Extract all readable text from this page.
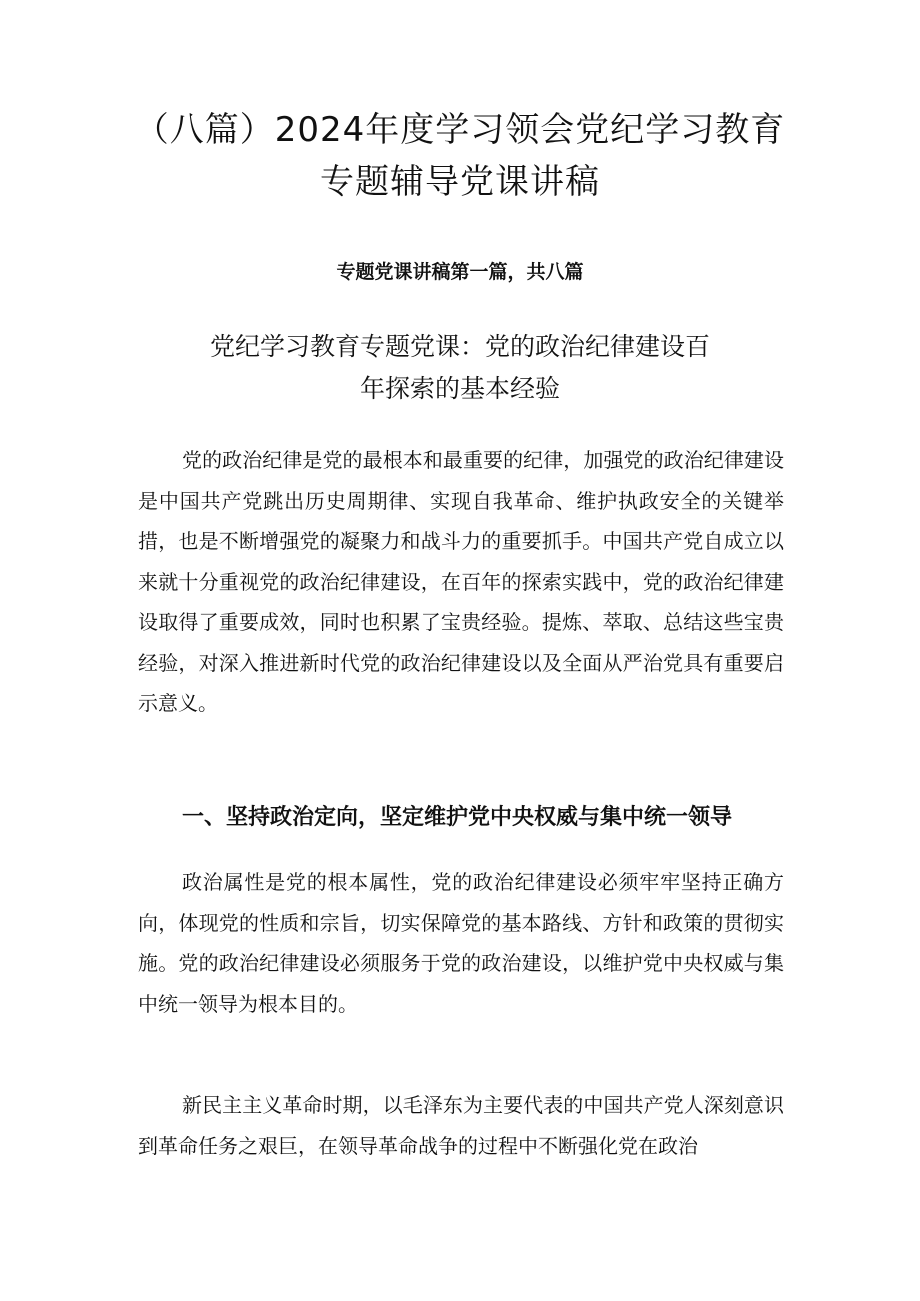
（八篇）2024年度学习领会党纪学习教育
专题辅导党课讲稿

专题党课讲稿第一篇，共八篇

党纪学习教育专题党课：党的政治纪律建设百
年探索的基本经验

党的政治纪律是党的最根本和最重要的纪律，加强党的政治纪律建设是中国共产党跳出历史周期律、实现自我革命、维护执政安全的关键举措，也是不断增强党的凝聚力和战斗力的重要抓手。中国共产党自成立以来就十分重视党的政治纪律建设，在百年的探索实践中，党的政治纪律建设取得了重要成效，同时也积累了宝贵经验。提炼、萃取、总结这些宝贵经验，对深入推进新时代党的政治纪律建设以及全面从严治党具有重要启示意义。

一、坚持政治定向，坚定维护党中央权威与集中统一领导

政治属性是党的根本属性，党的政治纪律建设必须牢牢坚持正确方向，体现党的性质和宗旨，切实保障党的基本路线、方针和政策的贯彻实施。党的政治纪律建设必须服务于党的政治建设，以维护党中央权威与集中统一领导为根本目的。

新民主主义革命时期，以毛泽东为主要代表的中国共产党人深刻意识到革命任务之艰巨，在领导革命战争的过程中不断强化党在政治
